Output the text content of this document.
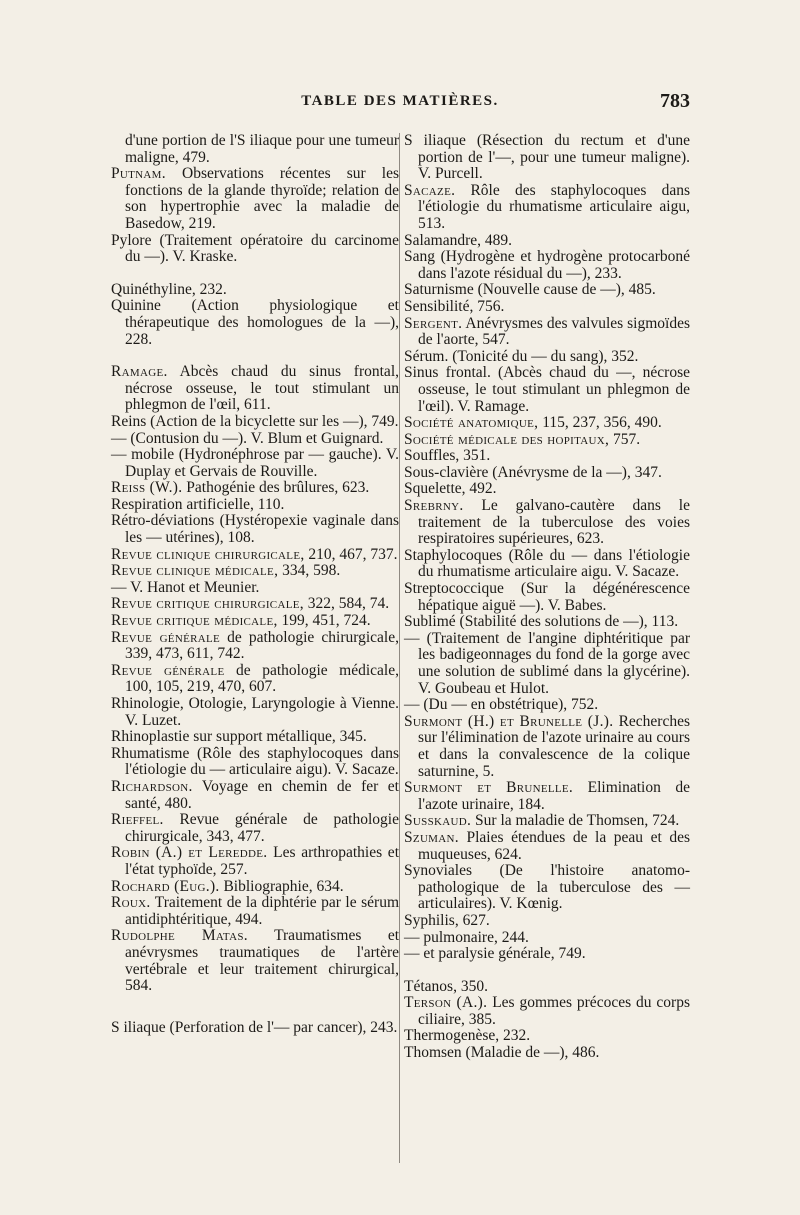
TABLE DES MATIÈRES.	783
d'une portion de l'S iliaque pour une tumeur maligne, 479.
Putnam. Observations récentes sur les fonctions de la glande thyroïde; relation de son hypertrophie avec la maladie de Basedow, 219.
Pylore (Traitement opératoire du carcinome du —). V. Kraske.
Quinéthyline, 232.
Quinine (Action physiologique et thérapeutique des homologues de la —), 228.
Ramage. Abcès chaud du sinus frontal, nécrose osseuse, le tout stimulant un phlegmon de l'œil, 611.
Reins (Action de la bicyclette sur les —), 749.
— (Contusion du —). V. Blum et Guignard.
— mobile (Hydronéphrose par — gauche). V. Duplay et Gervais de Rouville.
Reiss (W.). Pathogénie des brûlures, 623.
Respiration artificielle, 110.
Rétro-déviations (Hystéropexie vaginale dans les — utérines), 108.
Revue clinique chirurgicale, 210, 467, 737.
Revue clinique médicale, 334, 598.
— V. Hanot et Meunier.
Revue critique chirurgicale, 322, 584, 74.
Revue critique médicale, 199, 451, 724.
Revue générale de pathologie chirurgicale, 339, 473, 611, 742.
Revue générale de pathologie médicale, 100, 105, 219, 470, 607.
Rhinologie, Otologie, Laryngologie à Vienne. V. Luzet.
Rhinoplastie sur support métallique, 345.
Rhumatisme (Rôle des staphylocoques dans l'étiologie du — articulaire aigu). V. Sacaze.
Richardson. Voyage en chemin de fer et santé, 480.
Rieffel. Revue générale de pathologie chirurgicale, 343, 477.
Robin (A.) et Leredde. Les arthropathies et l'état typhoïde, 257.
Rochard (Eug.). Bibliographie, 634.
Roux. Traitement de la diphtérie par le sérum antidiphtéritique, 494.
Rudolphe Matas. Traumatismes et anévrysmes traumatiques de l'artère vertébrale et leur traitement chirurgical, 584.
S iliaque (Perforation de l'— par cancer), 243.
S iliaque (Résection du rectum et d'une portion de l'—, pour une tumeur maligne). V. Purcell.
Sacaze. Rôle des staphylocoques dans l'étiologie du rhumatisme articulaire aigu, 513.
Salamandre, 489.
Sang (Hydrogène et hydrogène protocarboné dans l'azote résidual du —), 233.
Saturnisme (Nouvelle cause de —), 485.
Sensibilité, 756.
Sergent. Anévrysmes des valvules sigmoïdes de l'aorte, 547.
Sérum. (Tonicité du — du sang), 352.
Sinus frontal. (Abcès chaud du —, nécrose osseuse, le tout stimulant un phlegmon de l'œil). V. Ramage.
Société anatomique, 115, 237, 356, 490.
Société médicale des hopitaux, 757.
Souffles, 351.
Sous-clavière (Anévrysme de la —), 347.
Squelette, 492.
Srebrny. Le galvano-cautère dans le traitement de la tuberculose des voies respiratoires supérieures, 623.
Staphylocoques (Rôle du — dans l'étiologie du rhumatisme articulaire aigu. V. Sacaze.
Streptococcique (Sur la dégénérescence hépatique aiguë —). V. Babes.
Sublimé (Stabilité des solutions de —), 113.
— (Traitement de l'angine diphtéritique par les badigeonnages du fond de la gorge avec une solution de sublimé dans la glycérine). V. Goubeau et Hulot.
— (Du — en obstétrique), 752.
Surmont (H.) et Brunelle (J.). Recherches sur l'élimination de l'azote urinaire au cours et dans la convalescence de la colique saturnine, 5.
Surmont et Brunelle. Elimination de l'azote urinaire, 184.
Susskaud. Sur la maladie de Thomsen, 724.
Szuman. Plaies étendues de la peau et des muqueuses, 624.
Synoviales (De l'histoire anatomo-pathologique de la tuberculose des — articulaires). V. Kœnig.
Syphilis, 627.
— pulmonaire, 244.
— et paralysie générale, 749.
Tétanos, 350.
Terson (A.). Les gommes précoces du corps ciliaire, 385.
Thermogenèse, 232.
Thomsen (Maladie de —), 486.
